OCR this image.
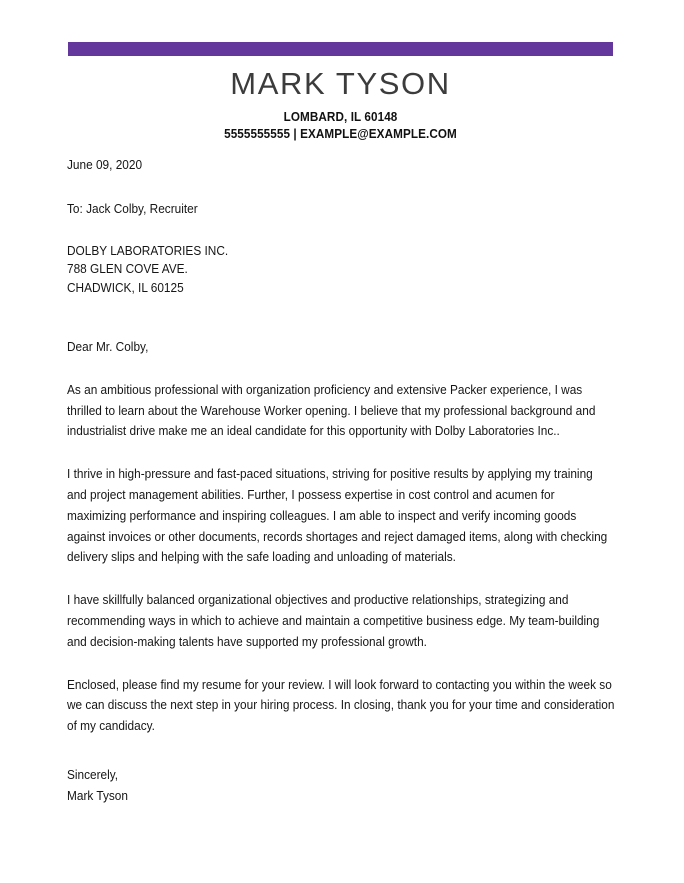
MARK TYSON
LOMBARD, IL 60148
5555555555 | EXAMPLE@EXAMPLE.COM
June 09, 2020
To: Jack Colby, Recruiter
DOLBY LABORATORIES INC.
788 GLEN COVE AVE.
CHADWICK, IL 60125
Dear Mr. Colby,
As an ambitious professional with organization proficiency and extensive Packer experience, I was thrilled to learn about the Warehouse Worker opening. I believe that my professional background and industrialist drive make me an ideal candidate for this opportunity with Dolby Laboratories Inc..
I thrive in high-pressure and fast-paced situations, striving for positive results by applying my training and project management abilities. Further, I possess expertise in cost control and acumen for maximizing performance and inspiring colleagues. I am able to inspect and verify incoming goods against invoices or other documents, records shortages and reject damaged items, along with checking delivery slips and helping with the safe loading and unloading of materials.
I have skillfully balanced organizational objectives and productive relationships, strategizing and recommending ways in which to achieve and maintain a competitive business edge. My team-building and decision-making talents have supported my professional growth.
Enclosed, please find my resume for your review. I will look forward to contacting you within the week so we can discuss the next step in your hiring process. In closing, thank you for your time and consideration of my candidacy.
Sincerely,
Mark Tyson
